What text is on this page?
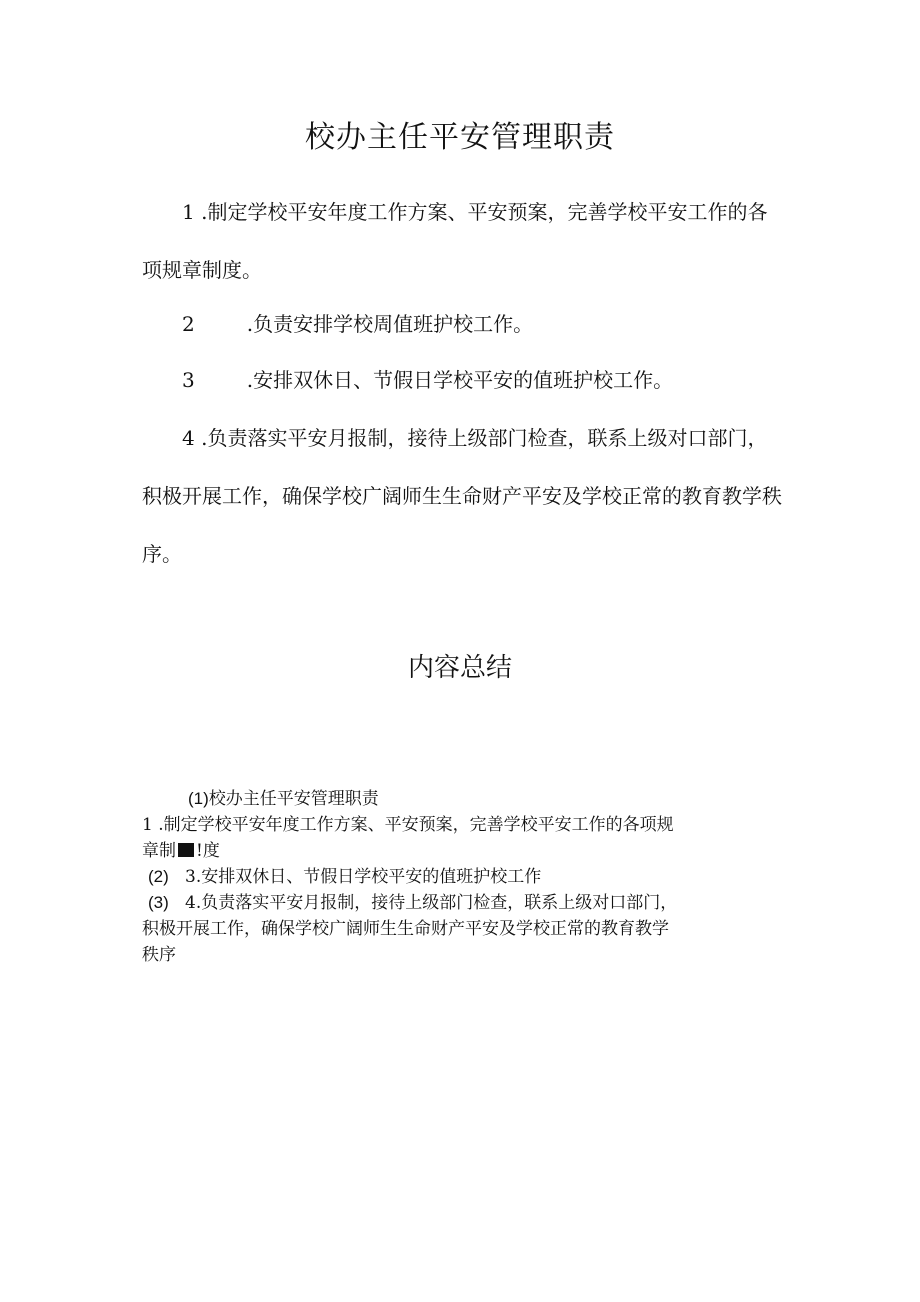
校办主任平安管理职责

1 .制定学校平安年度工作方案、平安预案，完善学校平安工作的各项规章制度。

2	.负责安排学校周值班护校工作。

3	.安排双休日、节假日学校平安的值班护校工作。

4 .负责落实平安月报制，接待上级部门检查，联系上级对口部门，积极开展工作，确保学校广阔师生生命财产平安及学校正常的教育教学秩序。

内容总结

(1)校办主任平安管理职责

1 .制定学校平安年度工作方案、平安预案，完善学校平安工作的各项规

章制 !度

(2) 3.安排双休日、节假日学校平安的值班护校工作

(3) 4.负责落实平安月报制，接待上级部门检查，联系上级对口部门，

积极开展工作，确保学校广阔师生生命财产平安及学校正常的教育教学

秩序
